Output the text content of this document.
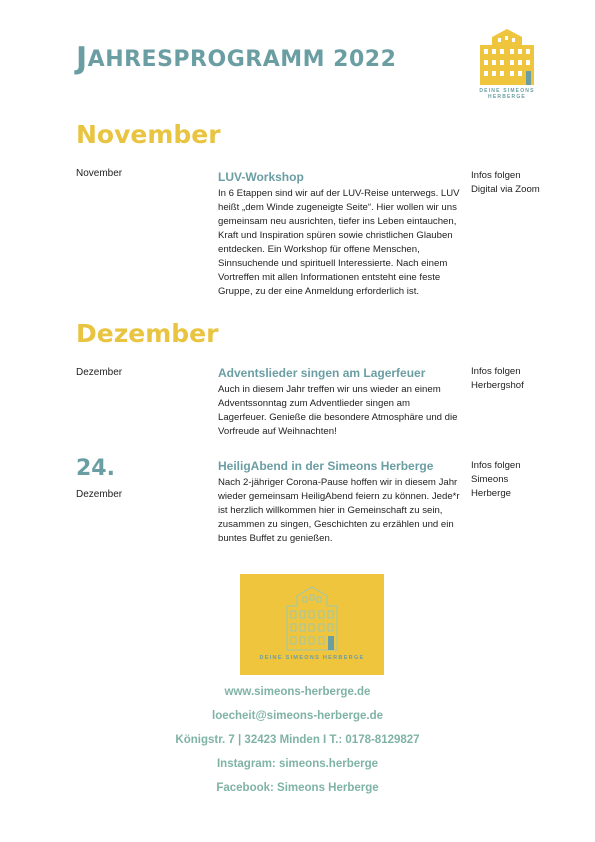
JAHRESPROGRAMM 2022
DEINE SIMEONS HERBERGE
November
November	LUV-Workshop

In 6 Etappen sind wir auf der LUV-Reise unterwegs. LUV heißt „dem Winde zugeneigte Seite“. Hier wollen wir uns gemeinsam neu ausrichten, tiefer ins Leben eintauchen, Kraft und Inspiration spüren sowie christlichen Glauben entdecken. Ein Workshop für offene Menschen, Sinnsuchende und spirituell Interessierte. Nach einem Vortreffen mit allen Informationen entsteht eine feste Gruppe, zu der eine Anmeldung erforderlich ist.

Infos folgen
Digital via Zoom
Dezember
Dezember	Adventslieder singen am Lagerfeuer

Auch in diesem Jahr treffen wir uns wieder an einem Adventssonntag zum Adventlieder singen am Lagerfeuer. Genieße die besondere Atmosphäre und die Vorfreude auf Weihnachten!

Infos folgen
Herbergshof
24.
Dezember
HeiligAbend in der Simeons Herberge

Nach 2-jähriger Corona-Pause hoffen wir in diesem Jahr wieder gemeinsam HeiligAbend feiern zu können. Jede*r ist herzlich willkommen hier in Gemeinschaft zu sein, zusammen zu singen, Geschichten zu erzählen und ein buntes Buffet zu genießen.

Infos folgen
Simeons
Herberge
DEINE SIMEONS HERBERGE
www.simeons-herberge.de
loecheit@simeons-herberge.de
Königstr. 7 | 32423 Minden I T.: 0178-8129827
Instagram: simeons.herberge
Facebook: Simeons Herberge
